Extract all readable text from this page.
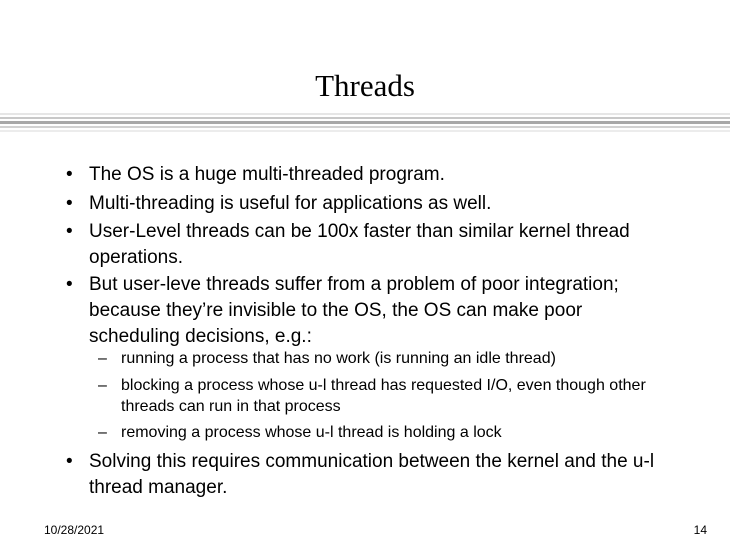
Threads
• The OS is a huge multi-threaded program.
• Multi-threading is useful for applications as well.
• User-Level threads can be 100x faster than similar kernel thread operations.
• But user-leve threads suffer from a problem of poor integration; because they’re invisible to the OS, the OS can make poor scheduling decisions, e.g.:
– running a process that has no work (is running an idle thread)
– blocking a process whose u-l thread has requested I/O, even though other threads can run in that process
– removing a process whose u-l thread is holding a lock
• Solving this requires communication between the kernel and the u-l thread manager.
10/28/2021	14
